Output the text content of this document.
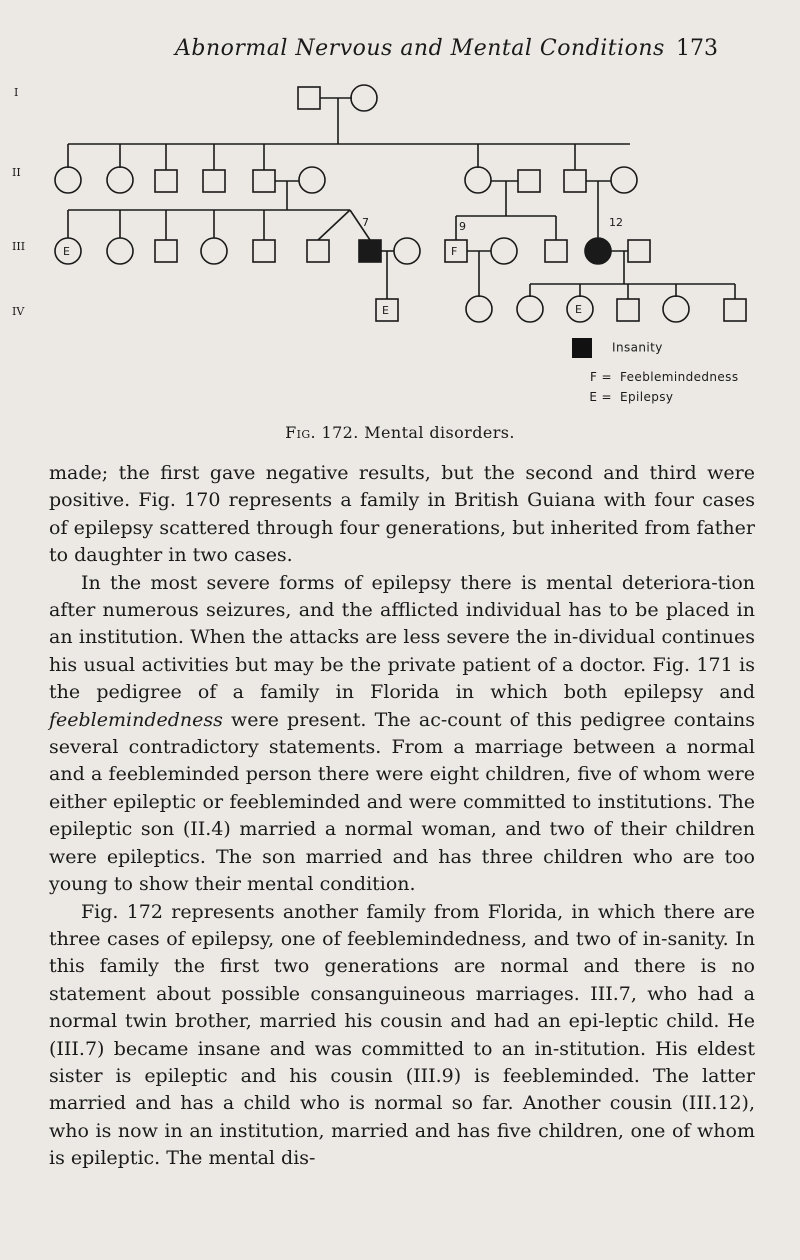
Abnormal Nervous and Mental Conditions 173
I
II
III
IV
7	9	12
E	F
E	E
Insanity
F = Feeblemindedness
E = Epilepsy
Fig. 172. Mental disorders.

made; the first gave negative results, but the second and third were positive. Fig. 170 represents a family in British Guiana with four cases of epilepsy scattered through four generations, but inherited from father to daughter in two cases.

In the most severe forms of epilepsy there is mental deteriora-tion after numerous seizures, and the afflicted individual has to be placed in an institution. When the attacks are less severe the in-dividual continues his usual activities but may be the private patient of a doctor. Fig. 171 is the pedigree of a family in Florida in which both epilepsy and feeblemindedness were present. The ac-count of this pedigree contains several contradictory statements. From a marriage between a normal and a feebleminded person there were eight children, five of whom were either epileptic or feebleminded and were committed to institutions. The epileptic son (II.4) married a normal woman, and two of their children were epileptics. The son married and has three children who are too young to show their mental condition.

Fig. 172 represents another family from Florida, in which there are three cases of epilepsy, one of feeblemindedness, and two of in-sanity. In this family the first two generations are normal and there is no statement about possible consanguineous marriages. III.7, who had a normal twin brother, married his cousin and had an epi-leptic child. He (III.7) became insane and was committed to an in-stitution. His eldest sister is epileptic and his cousin (III.9) is feebleminded. The latter married and has a child who is normal so far. Another cousin (III.12), who is now in an institution, married and has five children, one of whom is epileptic. The mental dis-
